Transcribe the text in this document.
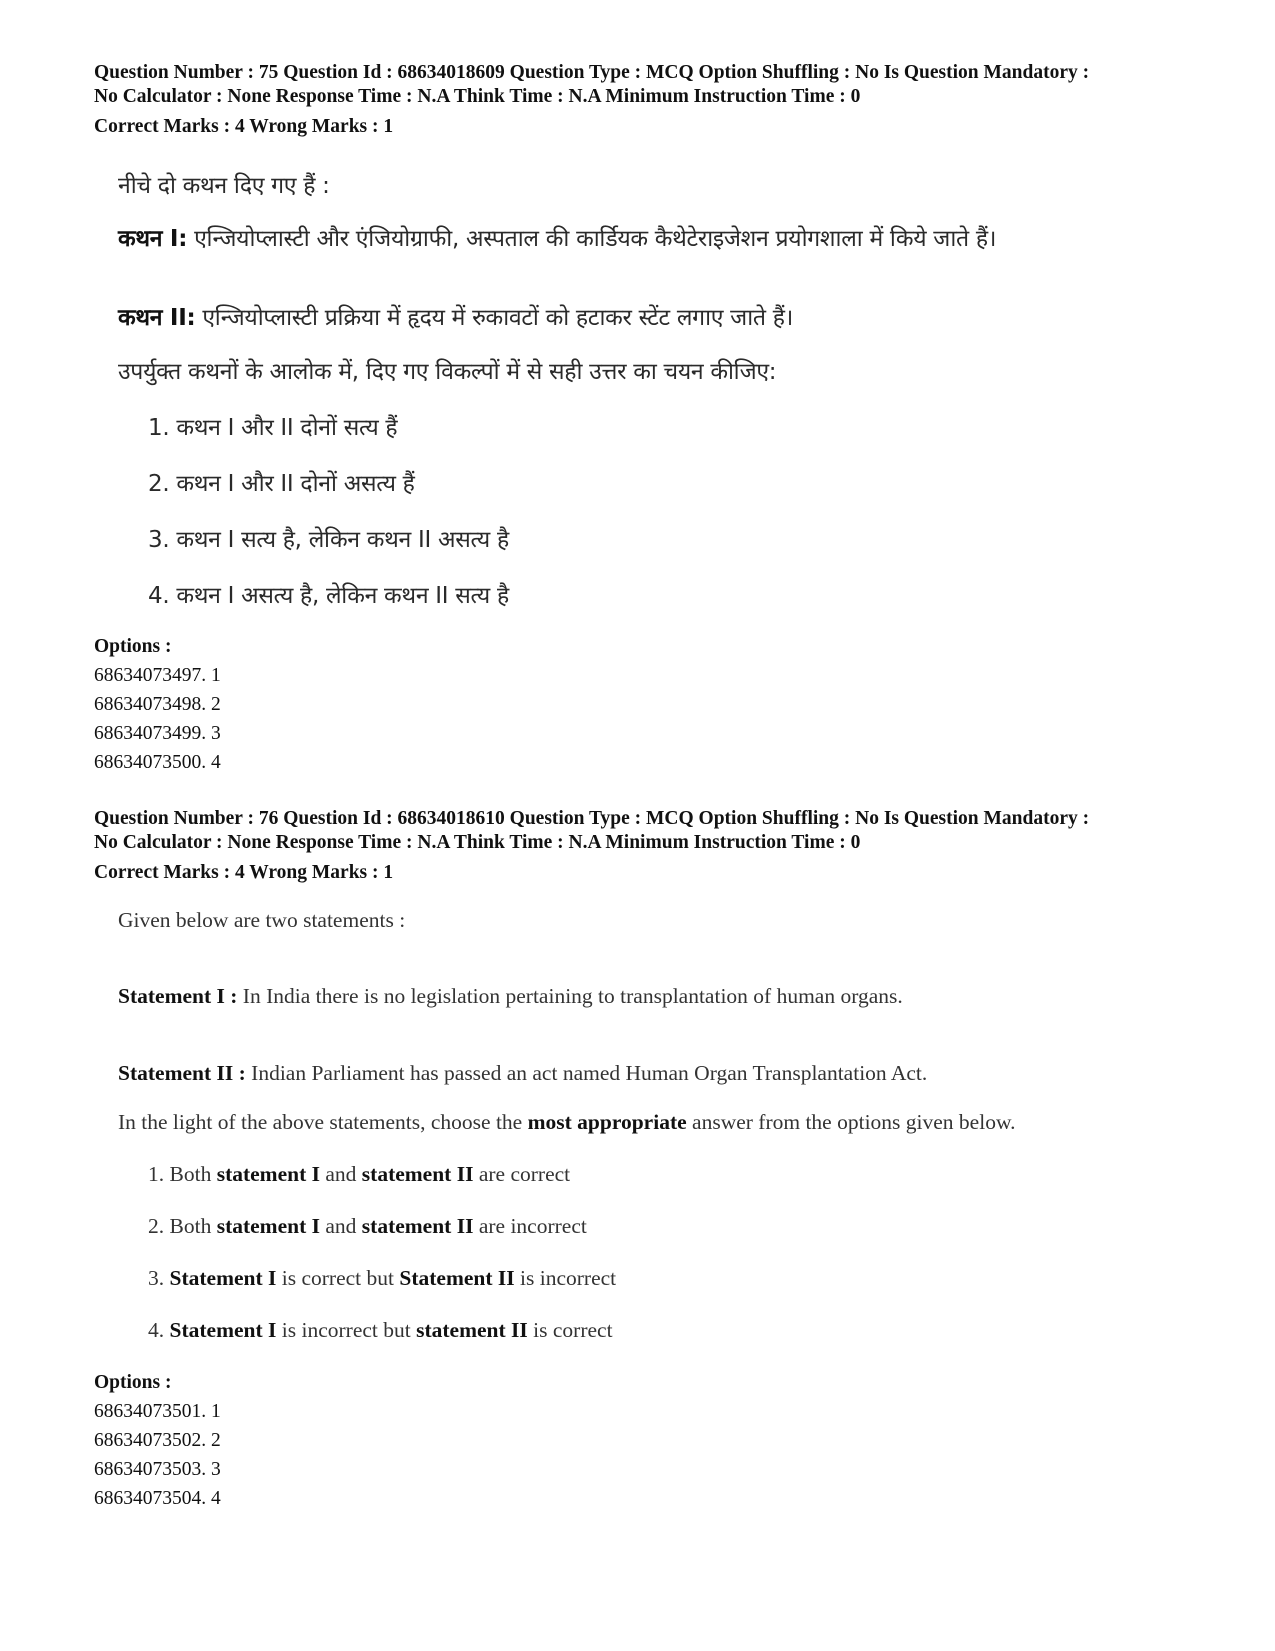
Question Number : 75 Question Id : 68634018609 Question Type : MCQ Option Shuffling : No Is Question Mandatory :
No Calculator : None Response Time : N.A Think Time : N.A Minimum Instruction Time : 0
Correct Marks : 4 Wrong Marks : 1
नीचे दो कथन दिए गए हैं :
कथन I: एन्जियोप्लास्टी और एंजियोग्राफी, अस्पताल की कार्डियक कैथेटेराइजेशन प्रयोगशाला में किये जाते हैं।
कथन II: एन्जियोप्लास्टी प्रक्रिया में हृदय में रुकावटों को हटाकर स्टेंट लगाए जाते हैं।
उपर्युक्त कथनों के आलोक में, दिए गए विकल्पों में से सही उत्तर का चयन कीजिए:
1. कथन I और II दोनों सत्य हैं
2. कथन I और II दोनों असत्य हैं
3. कथन I सत्य है, लेकिन कथन II असत्य है
4. कथन I असत्य है, लेकिन कथन II सत्य है
Options :
68634073497. 1
68634073498. 2
68634073499. 3
68634073500. 4
Question Number : 76 Question Id : 68634018610 Question Type : MCQ Option Shuffling : No Is Question Mandatory :
No Calculator : None Response Time : N.A Think Time : N.A Minimum Instruction Time : 0
Correct Marks : 4 Wrong Marks : 1
Given below are two statements :
Statement I : In India there is no legislation pertaining to transplantation of human organs.
Statement II : Indian Parliament has passed an act named Human Organ Transplantation Act.
In the light of the above statements, choose the most appropriate answer from the options given below.
1. Both statement I and statement II are correct
2. Both statement I and statement II are incorrect
3. Statement I is correct but Statement II is incorrect
4. Statement I is incorrect but statement II is correct
Options :
68634073501. 1
68634073502. 2
68634073503. 3
68634073504. 4
